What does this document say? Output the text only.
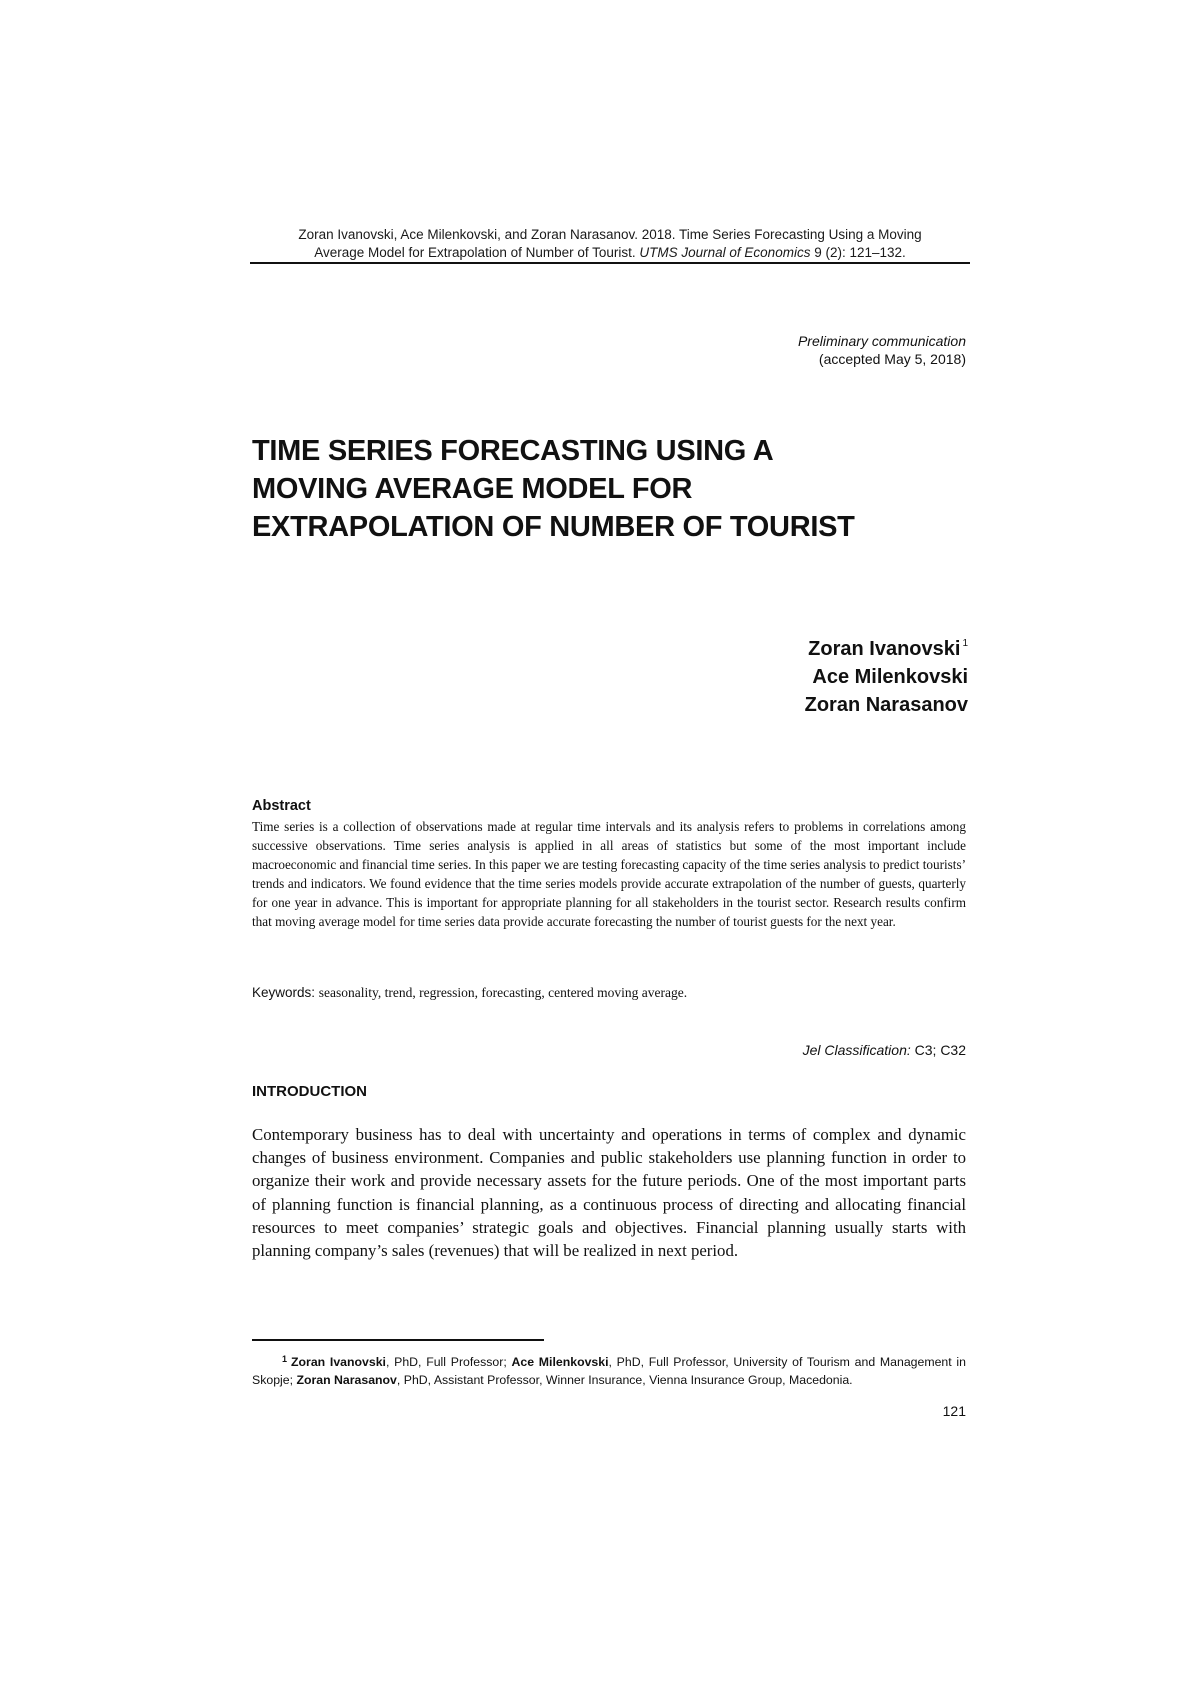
Zoran Ivanovski, Ace Milenkovski, and Zoran Narasanov. 2018. Time Series Forecasting Using a Moving
Average Model for Extrapolation of Number of Tourist. UTMS Journal of Economics 9 (2): 121–132.
Preliminary communication
(accepted May 5, 2018)
TIME SERIES FORECASTING USING A
MOVING AVERAGE MODEL FOR
EXTRAPOLATION OF NUMBER OF TOURIST
Zoran Ivanovski $^1$
Ace Milenkovski
Zoran Narasanov
Abstract

Time series is a collection of observations made at regular time intervals and its analysis refers to problems in correlations among successive observations. Time series analysis is applied in all areas of statistics but some of the most important include macroeconomic and financial time series. In this paper we are testing forecasting capacity of the time series analysis to predict tourists’ trends and indicators. We found evidence that the time series models provide accurate extrapolation of the number of guests, quarterly for one year in advance. This is important for appropriate planning for all stakeholders in the tourist sector. Research results confirm that moving average model for time series data provide accurate forecasting the number of tourist guests for the next year.

Keywords: seasonality, trend, regression, forecasting, centered moving average.
Jel Classification: C3; C32
INTRODUCTION

Contemporary business has to deal with uncertainty and operations in terms of complex and dynamic changes of business environment. Companies and public stakeholders use planning function in order to organize their work and provide necessary assets for the future periods. One of the most important parts of planning function is financial planning, as a continuous process of directing and allocating financial resources to meet companies’ strategic goals and objectives. Financial planning usually starts with planning company’s sales (revenues) that will be realized in next period.

$^1$ Zoran Ivanovski, PhD, Full Professor; Ace Milenkovski, PhD, Full Professor, University of Tourism and Management in Skopje; Zoran Narasanov, PhD, Assistant Professor, Winner Insurance, Vienna Insurance Group, Macedonia.

121
